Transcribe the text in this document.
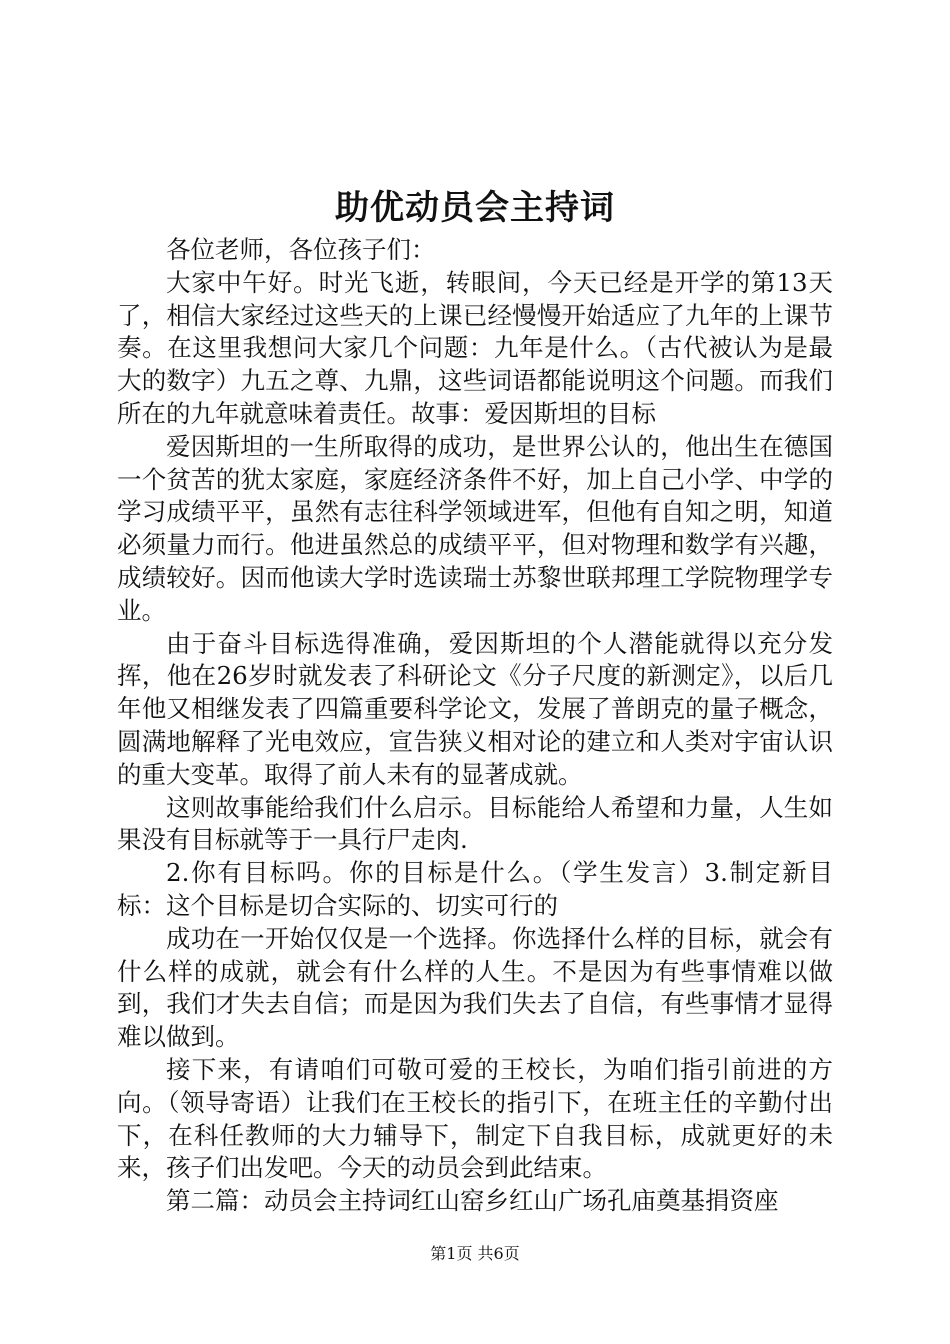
助优动员会主持词

各位老师，各位孩子们：

大家中午好。时光飞逝，转眼间，今天已经是开学的第13天了，相信大家经过这些天的上课已经慢慢开始适应了九年的上课节奏。在这里我想问大家几个问题：九年是什么。（古代被认为是最大的数字）九五之尊、九鼎，这些词语都能说明这个问题。而我们所在的九年就意味着责任。故事：爱因斯坦的目标

爱因斯坦的一生所取得的成功，是世界公认的，他出生在德国一个贫苦的犹太家庭，家庭经济条件不好，加上自己小学、中学的学习成绩平平，虽然有志往科学领域进军，但他有自知之明，知道必须量力而行。他进虽然总的成绩平平，但对物理和数学有兴趣，成绩较好。因而他读大学时选读瑞士苏黎世联邦理工学院物理学专业。

由于奋斗目标选得准确，爱因斯坦的个人潜能就得以充分发挥，他在26岁时就发表了科研论文《分子尺度的新测定》，以后几年他又相继发表了四篇重要科学论文，发展了普朗克的量子概念，圆满地解释了光电效应，宣告狭义相对论的建立和人类对宇宙认识的重大变革。取得了前人未有的显著成就。

这则故事能给我们什么启示。目标能给人希望和力量，人生如果没有目标就等于一具行尸走肉.

2.你有目标吗。你的目标是什么。（学生发言）3.制定新目标：这个目标是切合实际的、切实可行的

成功在一开始仅仅是一个选择。你选择什么样的目标，就会有什么样的成就，就会有什么样的人生。不是因为有些事情难以做到，我们才失去自信；而是因为我们失去了自信，有些事情才显得难以做到。

接下来，有请咱们可敬可爱的王校长，为咱们指引前进的方向。（领导寄语）让我们在王校长的指引下，在班主任的辛勤付出下，在科任教师的大力辅导下，制定下自我目标，成就更好的未来，孩子们出发吧。今天的动员会到此结束。

第二篇：动员会主持词红山窑乡红山广场孔庙奠基捐资座

第1页 共6页
